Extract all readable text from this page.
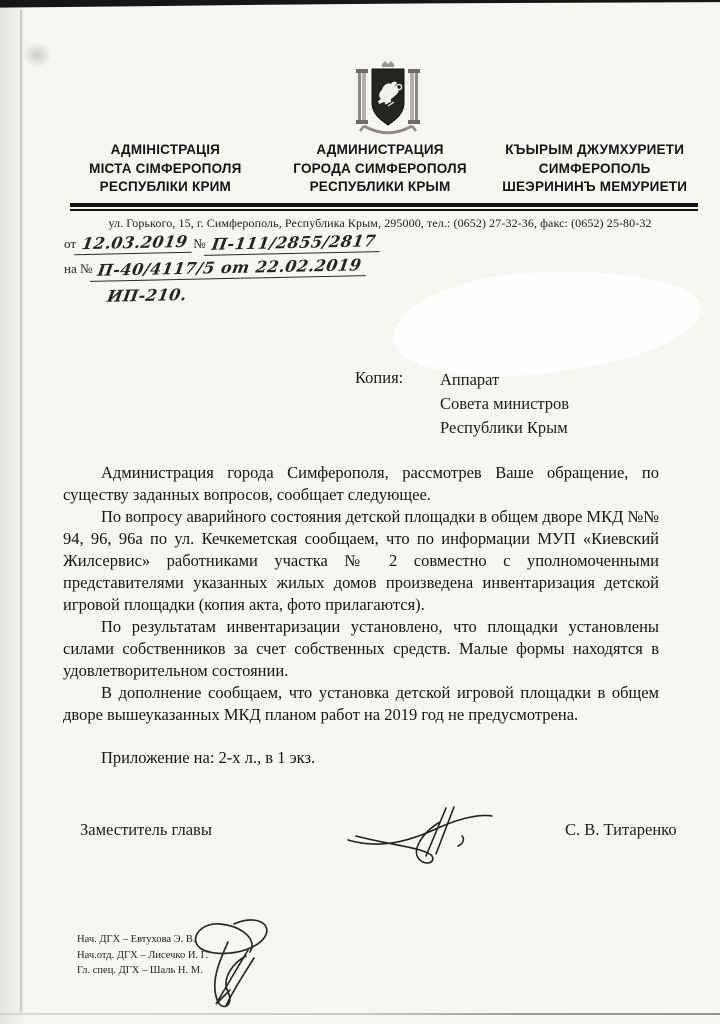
АДМІНІСТРАЦІЯ
МІСТА СІМФЕРОПОЛЯ
РЕСПУБЛІКИ КРИМ
АДМИНИСТРАЦИЯ
ГОРОДА СИМФЕРОПОЛЯ
РЕСПУБЛИКИ КРЫМ
КЪЫРЫМ ДЖУМХУРИЕТИ
СИМФЕРОПОЛЬ
ШЕЭРИНИНЪ МЕМУРИЕТИ
ул. Горького, 15, г. Симферополь, Республика Крым, 295000, тел.: (0652) 27-32-36, факс: (0652) 25-80-32
от 12.03.2019 № П-111/2855/2817
на № П-40/4117/5 от 22.02.2019
ИП-210.
Копия:	Аппарат
Совета министров
Республики Крым

Администрация города Симферополя, рассмотрев Ваше обращение, по существу заданных вопросов, сообщает следующее.

По вопросу аварийного состояния детской площадки в общем дворе МКД №№ 94, 96, 96а по ул. Кечкеметская сообщаем, что по информации МУП «Киевский Жилсервис» работниками участка № 2 совместно с уполномоченными представителями указанных жилых домов произведена инвентаризация детской игровой площадки (копия акта, фото прилагаются).

По результатам инвентаризации установлено, что площадки установлены силами собственников за счет собственных средств. Малые формы находятся в удовлетворительном состоянии.

В дополнение сообщаем, что установка детской игровой площадки в общем дворе вышеуказанных МКД планом работ на 2019 год не предусмотрена.

Приложение на: 2-х л., в 1 экз.

Заместитель главы	С. В. Титаренко
Нач. ДГХ – Евтухова Э. В.
Нач.отд. ДГХ – Лисечко И. Г.
Гл. спец. ДГХ – Шаль Н. М.
